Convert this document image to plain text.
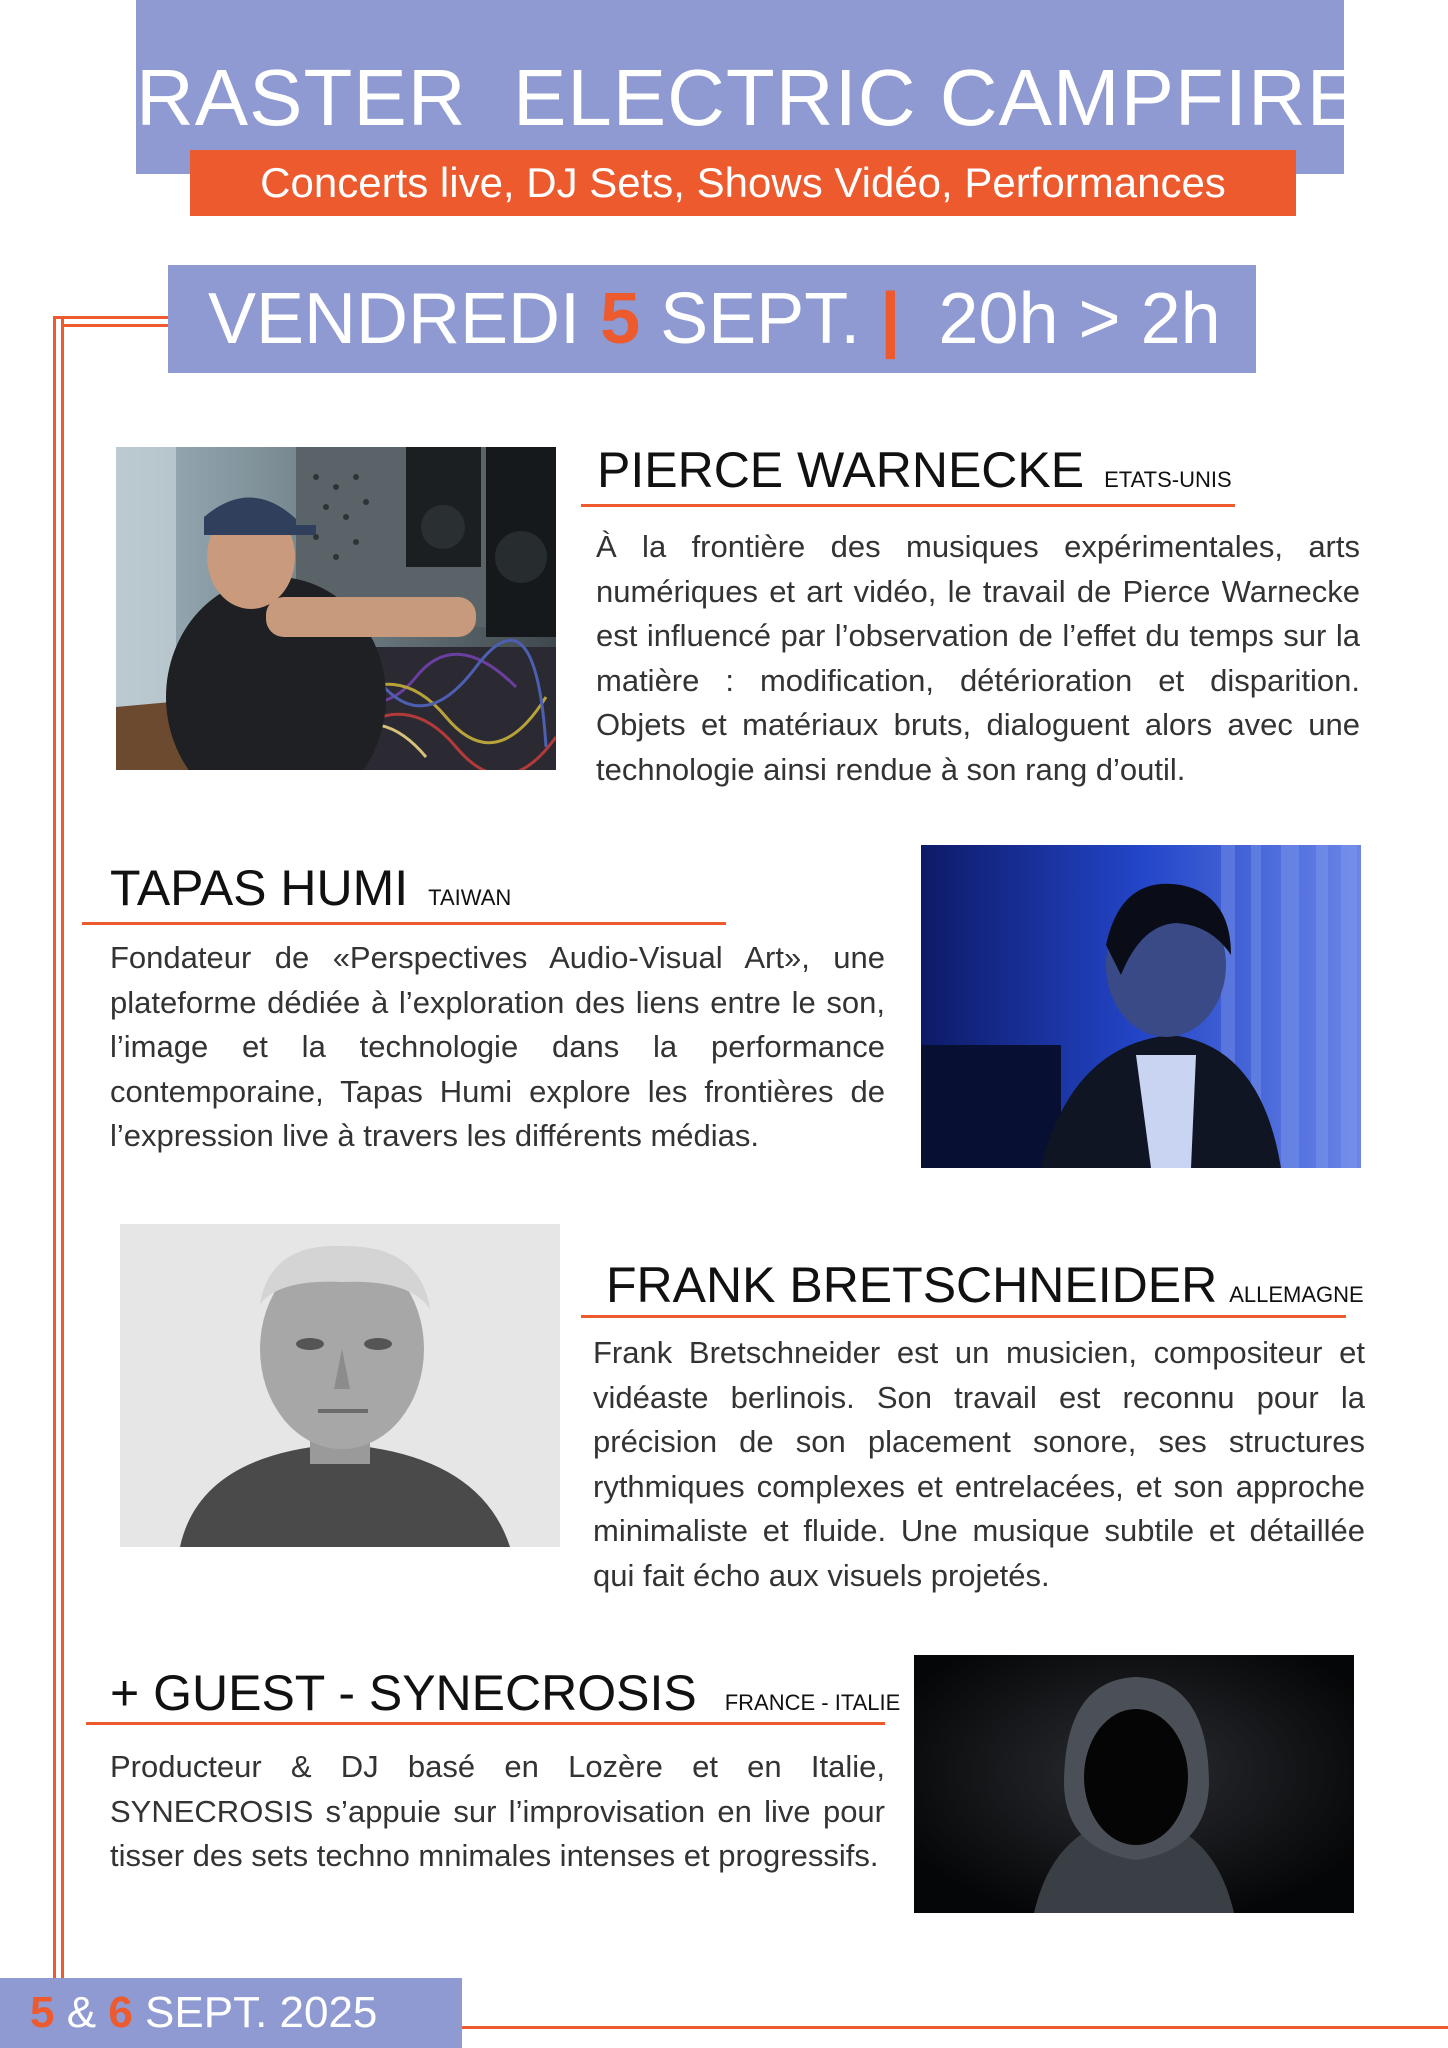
RASTER  ELECTRIC CAMPFIRE
Concerts live, DJ Sets, Shows Vidéo, Performances
VENDREDI 5 SEPT. | 20h > 2h
PIERCE WARNECKE ETATS-UNIS
À la frontière des musiques expérimentales, arts numériques et art vidéo, le travail de Pierce Warnecke est influencé par l’observation de l’effet du temps sur la matière : modification, détérioration et disparition. Objets et matériaux bruts, dialoguent alors avec une technologie ainsi rendue à son rang d’outil.
TAPAS HUMI TAIWAN
Fondateur de «Perspectives Audio-Visual Art», une plateforme dédiée à l’exploration des liens entre le son, l’image et la technologie dans la performance contemporaine, Tapas Humi explore les frontières de l’expression live à travers les différents médias.
FRANK BRETSCHNEIDER ALLEMAGNE
Frank Bretschneider est un musicien, compositeur et vidéaste berlinois. Son travail est reconnu pour la précision de son placement sonore, ses structures rythmiques complexes et entrelacées, et son approche minimaliste et fluide. Une musique subtile et détaillée qui fait écho aux visuels projetés.
+ GUEST - SYNECROSIS FRANCE - ITALIE
Producteur & DJ basé en Lozère et en Italie, SYNECROSIS s’appuie sur l’improvisation en live pour tisser des sets techno mnimales intenses et progressifs.
5 & 6 SEPT. 2025
